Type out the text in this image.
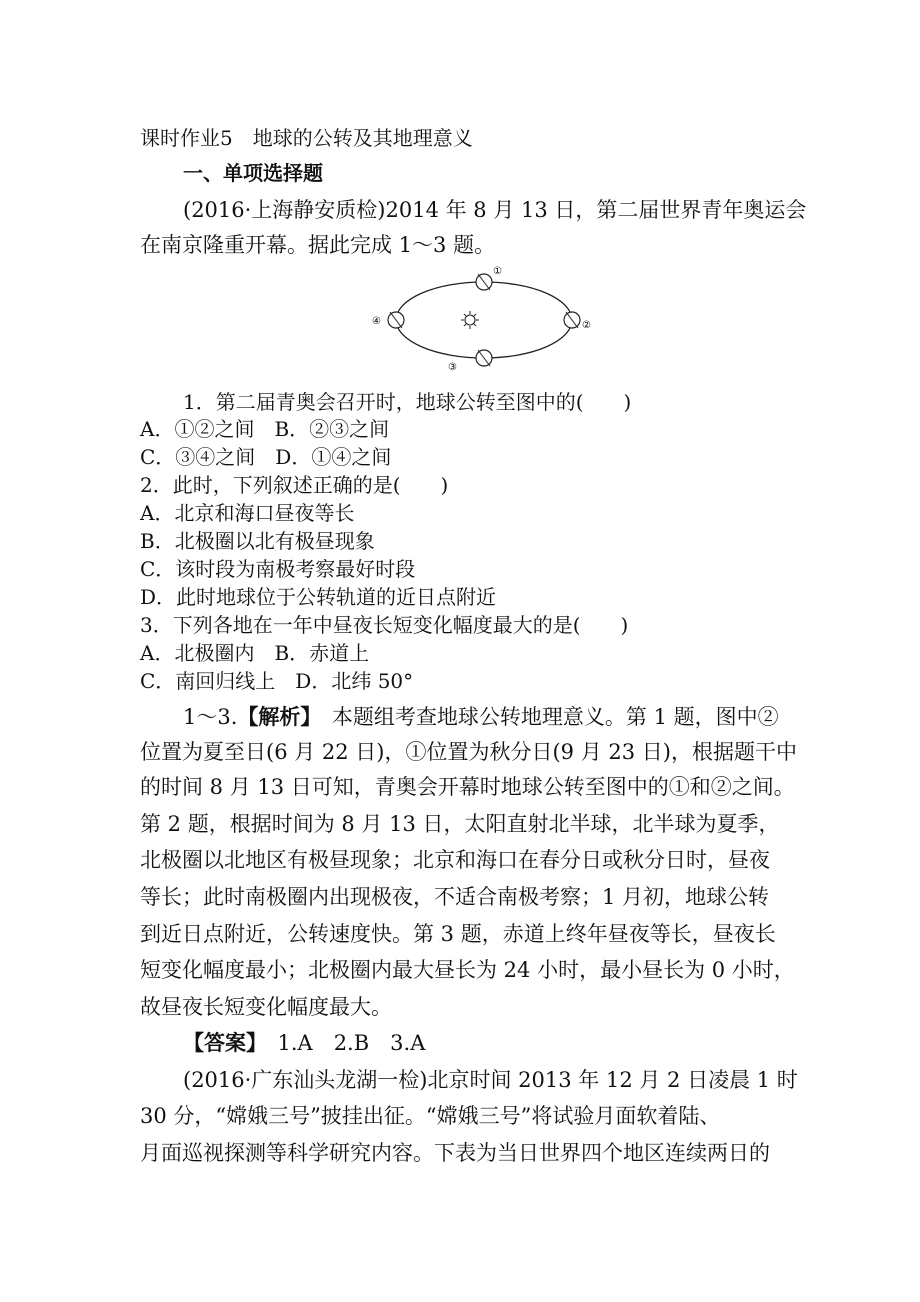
课时作业5　地球的公转及其地理意义
一、单项选择题
(2016·上海静安质检)2014 年 8 月 13 日，第二届世界青年奥运会
在南京隆重开幕。据此完成 1～3 题。
①
②
③
④
1．第二届青奥会召开时，地球公转至图中的(　　)
A．①②之间　B．②③之间
C．③④之间　D．①④之间
2．此时，下列叙述正确的是(　　)
A．北京和海口昼夜等长
B．北极圈以北有极昼现象
C．该时段为南极考察最好时段
D．此时地球位于公转轨道的近日点附近
3．下列各地在一年中昼夜长短变化幅度最大的是(　　)
A．北极圈内　B．赤道上
C．南回归线上　D．北纬 50°
1～3.【解析】　本题组考查地球公转地理意义。第 1 题，图中②
位置为夏至日(6 月 22 日)，①位置为秋分日(9 月 23 日)，根据题干中
的时间 8 月 13 日可知，青奥会开幕时地球公转至图中的①和②之间。
第 2 题，根据时间为 8 月 13 日，太阳直射北半球，北半球为夏季，
北极圈以北地区有极昼现象；北京和海口在春分日或秋分日时，昼夜
等长；此时南极圈内出现极夜，不适合南极考察；1 月初，地球公转
到近日点附近，公转速度快。第 3 题，赤道上终年昼夜等长，昼夜长
短变化幅度最小；北极圈内最大昼长为 24 小时，最小昼长为 0 小时，
故昼夜长短变化幅度最大。
【答案】　1.A　2.B　3.A
(2016·广东汕头龙湖一检)北京时间 2013 年 12 月 2 日凌晨 1 时
30 分，“嫦娥三号”披挂出征。“嫦娥三号”将试验月面软着陆、
月面巡视探测等科学研究内容。下表为当日世界四个地区连续两日的
